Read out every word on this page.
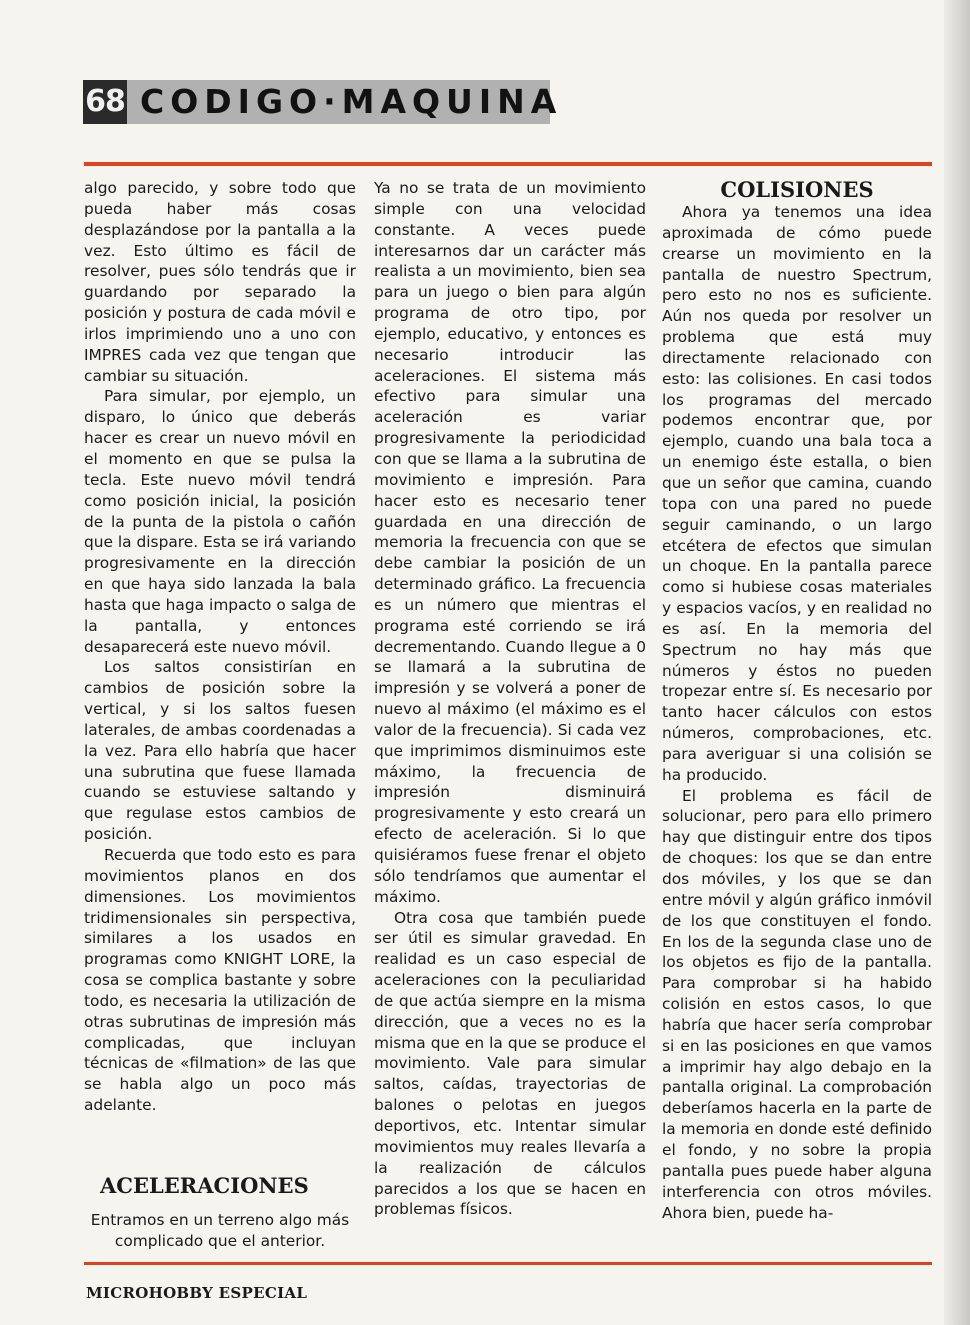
68 CODIGO·MAQUINA

algo parecido, y sobre todo que pueda haber más cosas desplazándose por la pantalla a la vez. Esto último es fácil de resolver, pues sólo tendrás que ir guardando por separado la posición y postura de cada móvil e irlos imprimiendo uno a uno con IMPRES cada vez que tengan que cambiar su situación.

Para simular, por ejemplo, un disparo, lo único que deberás hacer es crear un nuevo móvil en el momento en que se pulsa la tecla. Este nuevo móvil tendrá como posición inicial, la posición de la punta de la pistola o cañón que la dispare. Esta se irá variando progresivamente en la dirección en que haya sido lanzada la bala hasta que haga impacto o salga de la pantalla, y entonces desaparecerá este nuevo móvil.

Los saltos consistirían en cambios de posición sobre la vertical, y si los saltos fuesen laterales, de ambas coordenadas a la vez. Para ello habría que hacer una subrutina que fuese llamada cuando se estuviese saltando y que regulase estos cambios de posición.

Recuerda que todo esto es para movimientos planos en dos dimensiones. Los movimientos tridimensionales sin perspectiva, similares a los usados en programas como KNIGHT LORE, la cosa se complica bastante y sobre todo, es necesaria la utilización de otras subrutinas de impresión más complicadas, que incluyan técnicas de «filmation» de las que se habla algo un poco más adelante.

ACELERACIONES
Entramos en un terreno algo más complicado que el anterior.

Ya no se trata de un movimiento simple con una velocidad constante. A veces puede interesarnos dar un carácter más realista a un movimiento, bien sea para un juego o bien para algún programa de otro tipo, por ejemplo, educativo, y entonces es necesario introducir las aceleraciones. El sistema más efectivo para simular una aceleración es variar progresivamente la periodicidad con que se llama a la subrutina de movimiento e impresión. Para hacer esto es necesario tener guardada en una dirección de memoria la frecuencia con que se debe cambiar la posición de un determinado gráfico. La frecuencia es un número que mientras el programa esté corriendo se irá decrementando. Cuando llegue a 0 se llamará a la subrutina de impresión y se volverá a poner de nuevo al máximo (el máximo es el valor de la frecuencia). Si cada vez que imprimimos disminuimos este máximo, la frecuencia de impresión disminuirá progresivamente y esto creará un efecto de aceleración. Si lo que quisiéramos fuese frenar el objeto sólo tendríamos que aumentar el máximo.

Otra cosa que también puede ser útil es simular gravedad. En realidad es un caso especial de aceleraciones con la peculiaridad de que actúa siempre en la misma dirección, que a veces no es la misma que en la que se produce el movimiento. Vale para simular saltos, caídas, trayectorias de balones o pelotas en juegos deportivos, etc. Intentar simular movimientos muy reales llevaría a la realización de cálculos parecidos a los que se hacen en problemas físicos.

COLISIONES

Ahora ya tenemos una idea aproximada de cómo puede crearse un movimiento en la pantalla de nuestro Spectrum, pero esto no nos es suficiente. Aún nos queda por resolver un problema que está muy directamente relacionado con esto: las colisiones. En casi todos los programas del mercado podemos encontrar que, por ejemplo, cuando una bala toca a un enemigo éste estalla, o bien que un señor que camina, cuando topa con una pared no puede seguir caminando, o un largo etcétera de efectos que simulan un choque. En la pantalla parece como si hubiese cosas materiales y espacios vacíos, y en realidad no es así. En la memoria del Spectrum no hay más que números y éstos no pueden tropezar entre sí. Es necesario por tanto hacer cálculos con estos números, comprobaciones, etc. para averiguar si una colisión se ha producido.

El problema es fácil de solucionar, pero para ello primero hay que distinguir entre dos tipos de choques: los que se dan entre dos móviles, y los que se dan entre móvil y algún gráfico inmóvil de los que constituyen el fondo. En los de la segunda clase uno de los objetos es fijo de la pantalla. Para comprobar si ha habido colisión en estos casos, lo que habría que hacer sería comprobar si en las posiciones en que vamos a imprimir hay algo debajo en la pantalla original. La comprobación deberíamos hacerla en la parte de la memoria en donde esté definido el fondo, y no sobre la propia pantalla pues puede haber alguna interferencia con otros móviles. Ahora bien, puede ha-

MICROHOBBY ESPECIAL
